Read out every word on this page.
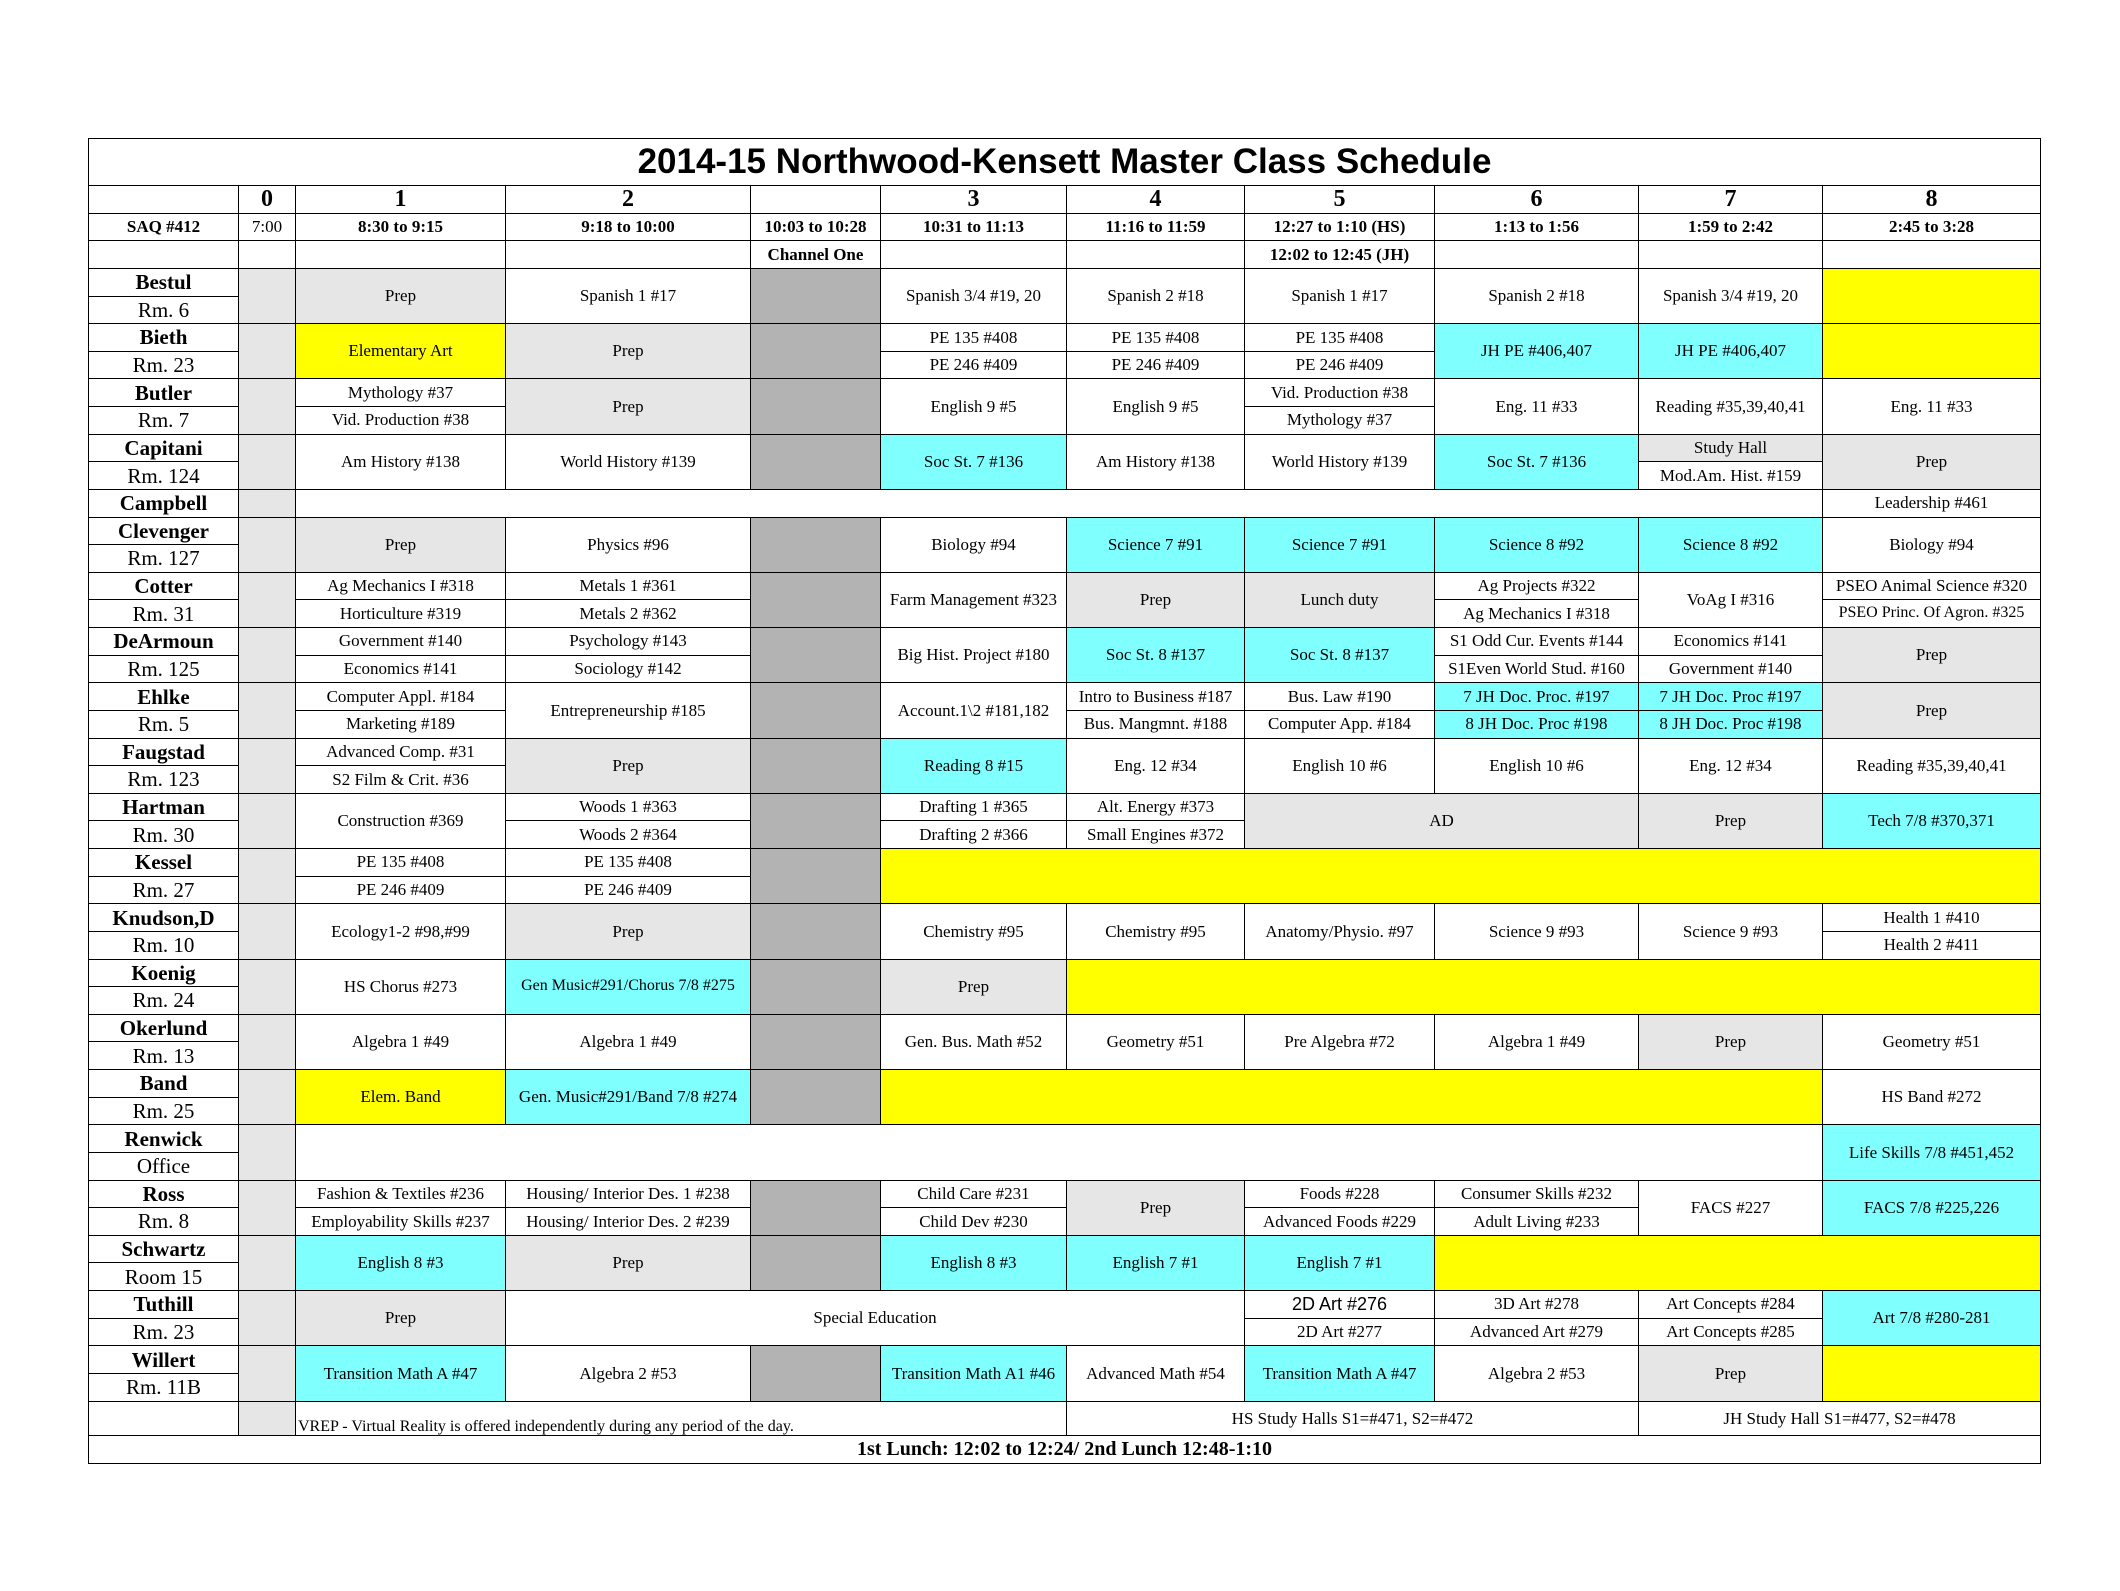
2014-15 Northwood-Kensett Master Class Schedule										
	0	1	2		3	4	5	6	7	8
SAQ #412	7:00	8:30 to 9:15	9:18 to 10:00	10:03 to 10:28	10:31 to 11:13	11:16 to 11:59	12:27 to 1:10 (HS)	1:13 to 1:56	1:59 to 2:42	2:45 to 3:28
				Channel One			12:02 to 12:45 (JH)			
Bestul		Prep	Spanish 1 #17		Spanish 3/4 #19, 20	Spanish 2 #18	Spanish 1 #17	Spanish 2 #18	Spanish 3/4 #19, 20	
Rm. 6										
Bieth		Elementary Art	Prep		PE 135 #408	PE 135 #408	PE 135 #408	JH PE #406,407	JH PE #406,407	
Rm. 23					PE 246 #409	PE 246 #409	PE 246 #409			
Butler		Mythology #37	Prep		English 9 #5	English 9 #5	Vid. Production #38	Eng. 11 #33	Reading #35,39,40,41	Eng. 11 #33
Rm. 7		Vid. Production #38					Mythology #37			
Capitani		Am History #138	World History #139		Soc St. 7 #136	Am History #138	World History #139	Soc St. 7 #136	Study Hall	Prep
Rm. 124									Mod.Am. Hist. #159	
Campbell										Leadership #461
Clevenger		Prep	Physics #96		Biology #94	Science 7 #91	Science 7 #91	Science 8 #92	Science 8 #92	Biology #94
Rm. 127										
Cotter		Ag Mechanics I #318	Metals 1 #361		Farm Management #323	Prep	Lunch duty	Ag Projects #322	VoAg I #316	PSEO Animal Science #320
Rm. 31		Horticulture #319	Metals 2 #362					Ag Mechanics I #318		PSEO Princ. Of Agron. #325
DeArmoun		Government #140	Psychology #143		Big Hist. Project #180	Soc St. 8 #137	Soc St. 8 #137	S1 Odd Cur. Events #144	Economics #141	Prep
Rm. 125		Economics #141	Sociology #142					S1Even World Stud. #160	Government #140	
Ehlke		Computer Appl. #184	Entrepreneurship #185		Account.1\2 #181,182	Intro to Business #187	Bus. Law #190	7 JH Doc. Proc. #197	7 JH Doc. Proc #197	Prep
Rm. 5		Marketing #189				Bus. Mangmnt. #188	Computer App. #184	8 JH Doc. Proc #198	8 JH Doc. Proc #198	
Faugstad		Advanced Comp. #31	Prep		Reading 8 #15	Eng. 12 #34	English 10 #6	English 10 #6	Eng. 12 #34	Reading #35,39,40,41
Rm. 123		S2 Film & Crit. #36								
Hartman		Construction #369	Woods 1 #363		Drafting 1 #365	Alt. Energy #373	AD		Prep	Tech 7/8 #370,371
Rm. 30			Woods 2 #364		Drafting 2 #366	Small Engines #372				
Kessel		PE 135 #408	PE 135 #408							
Rm. 27		PE 246 #409	PE 246 #409							
Knudson,D		Ecology1-2 #98,#99	Prep		Chemistry #95	Chemistry #95	Anatomy/Physio. #97	Science 9 #93	Science 9 #93	Health 1 #410
Rm. 10										Health 2 #411
Koenig		HS Chorus #273	Gen Music#291/Chorus 7/8 #275		Prep					
Rm. 24										
Okerlund		Algebra 1 #49	Algebra 1 #49		Gen. Bus. Math #52	Geometry #51	Pre Algebra #72	Algebra 1 #49	Prep	Geometry #51
Rm. 13										
Band		Elem. Band	Gen. Music#291/Band 7/8 #274							HS Band #272
Rm. 25										
Renwick										Life Skills 7/8 #451,452
Office										
Ross		Fashion & Textiles #236	Housing/ Interior Des. 1 #238		Child Care #231	Prep	Foods #228	Consumer Skills #232	FACS #227	FACS 7/8 #225,226
Rm. 8		Employability Skills #237	Housing/ Interior Des. 2 #239		Child Dev #230		Advanced Foods #229	Adult Living #233		
Schwartz		English 8 #3	Prep		English 8 #3	English 7 #1	English 7 #1			
Room 15										
Tuthill		Prep	Special Education				2D Art #276	3D Art #278	Art Concepts #284	Art 7/8 #280-281
Rm. 23							2D Art #277	Advanced Art #279	Art Concepts #285	
Willert		Transition Math A #47	Algebra 2 #53		Transition Math A1 #46	Advanced Math #54	Transition Math A #47	Algebra 2 #53	Prep	
Rm. 11B										
		VREP - Virtual Reality is offered independently during any period of the day.				HS Study Halls S1=#471, S2=#472			JH Study Hall S1=#477, S2=#478	
1st Lunch: 12:02 to 12:24/ 2nd Lunch 12:48-1:10										
